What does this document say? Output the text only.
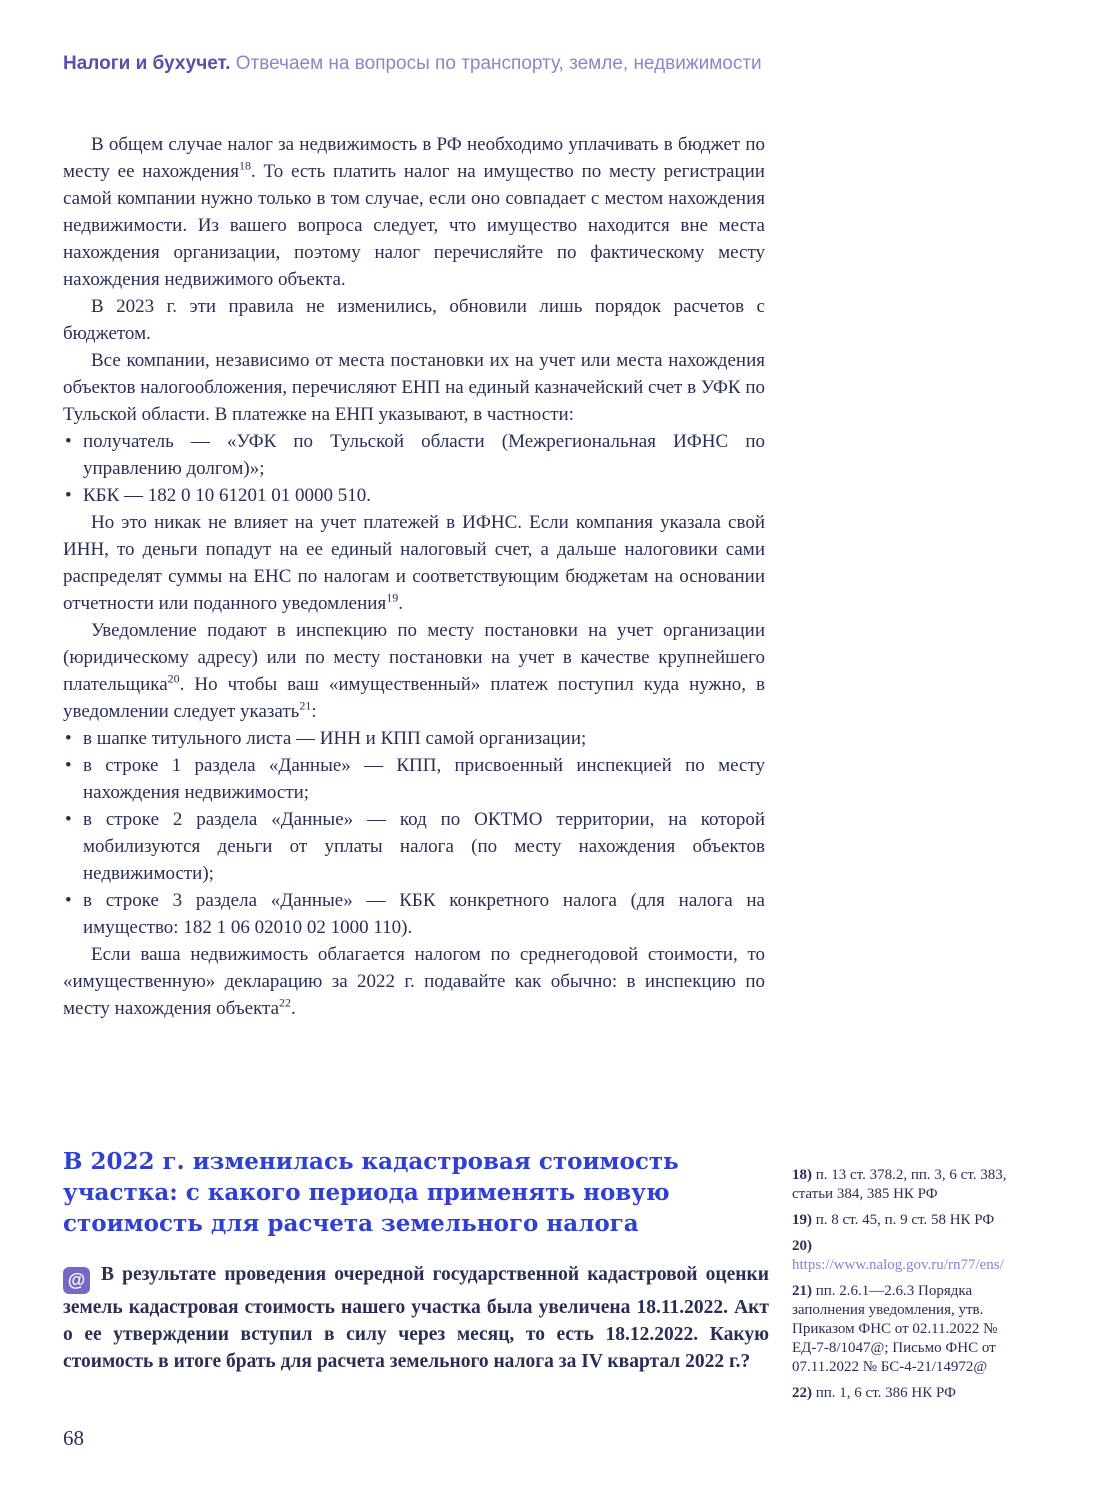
Налоги и бухучет. Отвечаем на вопросы по транспорту, земле, недвижимости

В общем случае налог за недвижимость в РФ необходимо уплачивать в бюджет по месту ее нахождения$^{18}$. То есть платить налог на имущество по месту регистрации самой компании нужно только в том случае, если оно совпадает с местом нахождения недвижимости. Из вашего вопроса следует, что имущество находится вне места нахождения организации, поэтому налог перечисляйте по фактическому месту нахождения недвижимого объекта.

В 2023 г. эти правила не изменились, обновили лишь порядок расчетов с бюджетом.

Все компании, независимо от места постановки их на учет или места нахождения объектов налогообложения, перечисляют ЕНП на единый казначейский счет в УФК по Тульской области. В платежке на ЕНП указывают, в частности:

• получатель — «УФК по Тульской области (Межрегиональная ИФНС по управлению долгом)»;
• КБК — 182 0 10 61201 01 0000 510.

Но это никак не влияет на учет платежей в ИФНС. Если компания указала свой ИНН, то деньги попадут на ее единый налоговый счет, а дальше налоговики сами распределят суммы на ЕНС по налогам и соответствующим бюджетам на основании отчетности или поданного уведомления$^{19}$.

Уведомление подают в инспекцию по месту постановки на учет организации (юридическому адресу) или по месту постановки на учет в качестве крупнейшего плательщика$^{20}$. Но чтобы ваш «имущественный» платеж поступил куда нужно, в уведомлении следует указать$^{21}$:

• в шапке титульного листа — ИНН и КПП самой организации;
• в строке 1 раздела «Данные» — КПП, присвоенный инспекцией по месту нахождения недвижимости;
• в строке 2 раздела «Данные» — код по ОКТМО территории, на которой мобилизуются деньги от уплаты налога (по месту нахождения объектов недвижимости);
• в строке 3 раздела «Данные» — КБК конкретного налога (для налога на имущество: 182 1 06 02010 02 1000 110).

Если ваша недвижимость облагается налогом по среднегодовой стоимости, то «имущественную» декларацию за 2022 г. подавайте как обычно: в инспекцию по месту нахождения объекта$^{22}$.

В 2022 г. изменилась кадастровая стоимость участка: с какого периода применять новую стоимость для расчета земельного налога

@ В результате проведения очередной государственной кадастровой оценки земель кадастровая стоимость нашего участка была увеличена 18.11.2022. Акт о ее утверждении вступил в силу через месяц, то есть 18.12.2022. Какую стоимость в итоге брать для расчета земельного налога за IV квартал 2022 г.?

18) п. 13 ст. 378.2, пп. 3, 6 ст. 383, статьи 384, 385 НК РФ
19) п. 8 ст. 45, п. 9 ст. 58 НК РФ
20) https://www.nalog.gov.ru/rn77/ens/
21) пп. 2.6.1—2.6.3 Порядка заполнения уведомления, утв. Приказом ФНС от 02.11.2022 № ЕД-7-8/1047@; Письмо ФНС от 07.11.2022 № БС-4-21/14972@
22) пп. 1, 6 ст. 386 НК РФ
68
